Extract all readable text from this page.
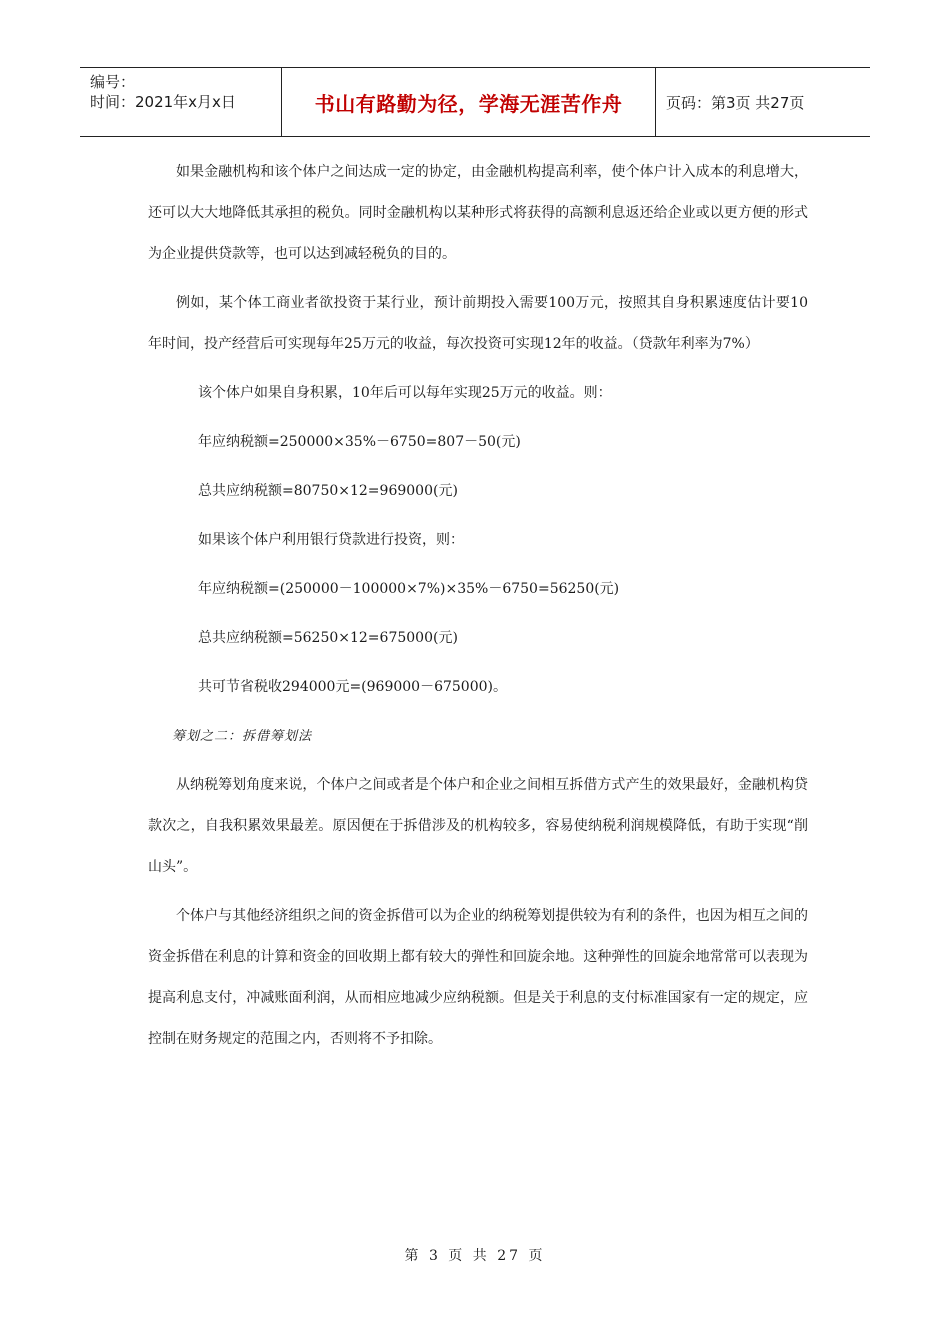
编号：
时间：2021年x月x日	书山有路勤为径，学海无涯苦作舟	页码：第3页 共27页

如果金融机构和该个体户之间达成一定的协定，由金融机构提高利率，使个体户计入成本的利息增大，还可以大大地降低其承担的税负。同时金融机构以某种形式将获得的高额利息返还给企业或以更方便的形式为企业提供贷款等，也可以达到减轻税负的目的。

例如，某个体工商业者欲投资于某行业，预计前期投入需要100万元，按照其自身积累速度估计要10年时间，投产经营后可实现每年25万元的收益，每次投资可实现12年的收益。（贷款年利率为7%）

该个体户如果自身积累，10年后可以每年实现25万元的收益。则：
年应纳税额=250000×35%－6750=807－50(元)
总共应纳税额=80750×12=969000(元)
如果该个体户利用银行贷款进行投资，则：
年应纳税额=(250000－100000×7%)×35%－6750=56250(元)
总共应纳税额=56250×12=675000(元)
共可节省税收294000元=(969000－675000)。
筹划之二：拆借筹划法

从纳税筹划角度来说，个体户之间或者是个体户和企业之间相互拆借方式产生的效果最好，金融机构贷款次之，自我积累效果最差。原因便在于拆借涉及的机构较多，容易使纳税利润规模降低，有助于实现“削山头”。

个体户与其他经济组织之间的资金拆借可以为企业的纳税筹划提供较为有利的条件，也因为相互之间的资金拆借在利息的计算和资金的回收期上都有较大的弹性和回旋余地。这种弹性的回旋余地常常可以表现为提高利息支付，冲减账面利润，从而相应地减少应纳税额。但是关于利息的支付标准国家有一定的规定，应控制在财务规定的范围之内，否则将不予扣除。

第 3 页 共 27 页
